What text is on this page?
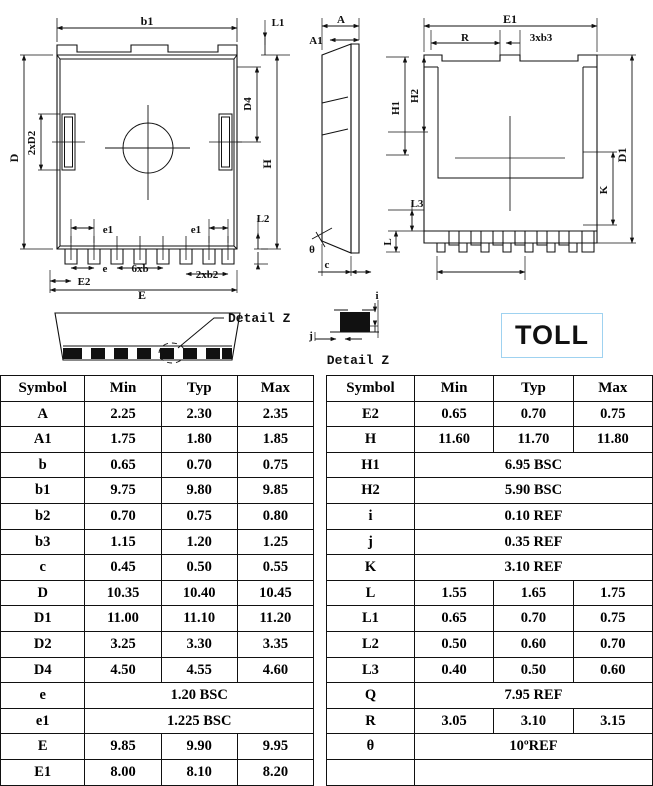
b1
D
2xD2
D4
L1
H
L2
e1	e1
e 6xb	2xb2
E2
E
Detail Z
A
A1
θ
c
i
j
Detail Z
E1
R	3xb3
H1
H2
D1
K
L3
L
TOLL
Symbol	Min	Typ	Max
A	2.25	2.30	2.35
A1	1.75	1.80	1.85
b	0.65	0.70	0.75
b1	9.75	9.80	9.85
b2	0.70	0.75	0.80
b3	1.15	1.20	1.25
c	0.45	0.50	0.55
D	10.35	10.40	10.45
D1	11.00	11.10	11.20
D2	3.25	3.30	3.35
D4	4.50	4.55	4.60
e	1.20 BSC		
e1	1.225 BSC		
E	9.85	9.90	9.95
E1	8.00	8.10	8.20
Symbol	Min	Typ	Max
E2	0.65	0.70	0.75
H	11.60	11.70	11.80
H1	6.95 BSC		
H2	5.90 BSC		
i	0.10 REF		
j	0.35 REF		
K	3.10 REF		
L	1.55	1.65	1.75
L1	0.65	0.70	0.75
L2	0.50	0.60	0.70
L3	0.40	0.50	0.60
Q	7.95 REF		
R	3.05	3.10	3.15
θ	10ºREF		
